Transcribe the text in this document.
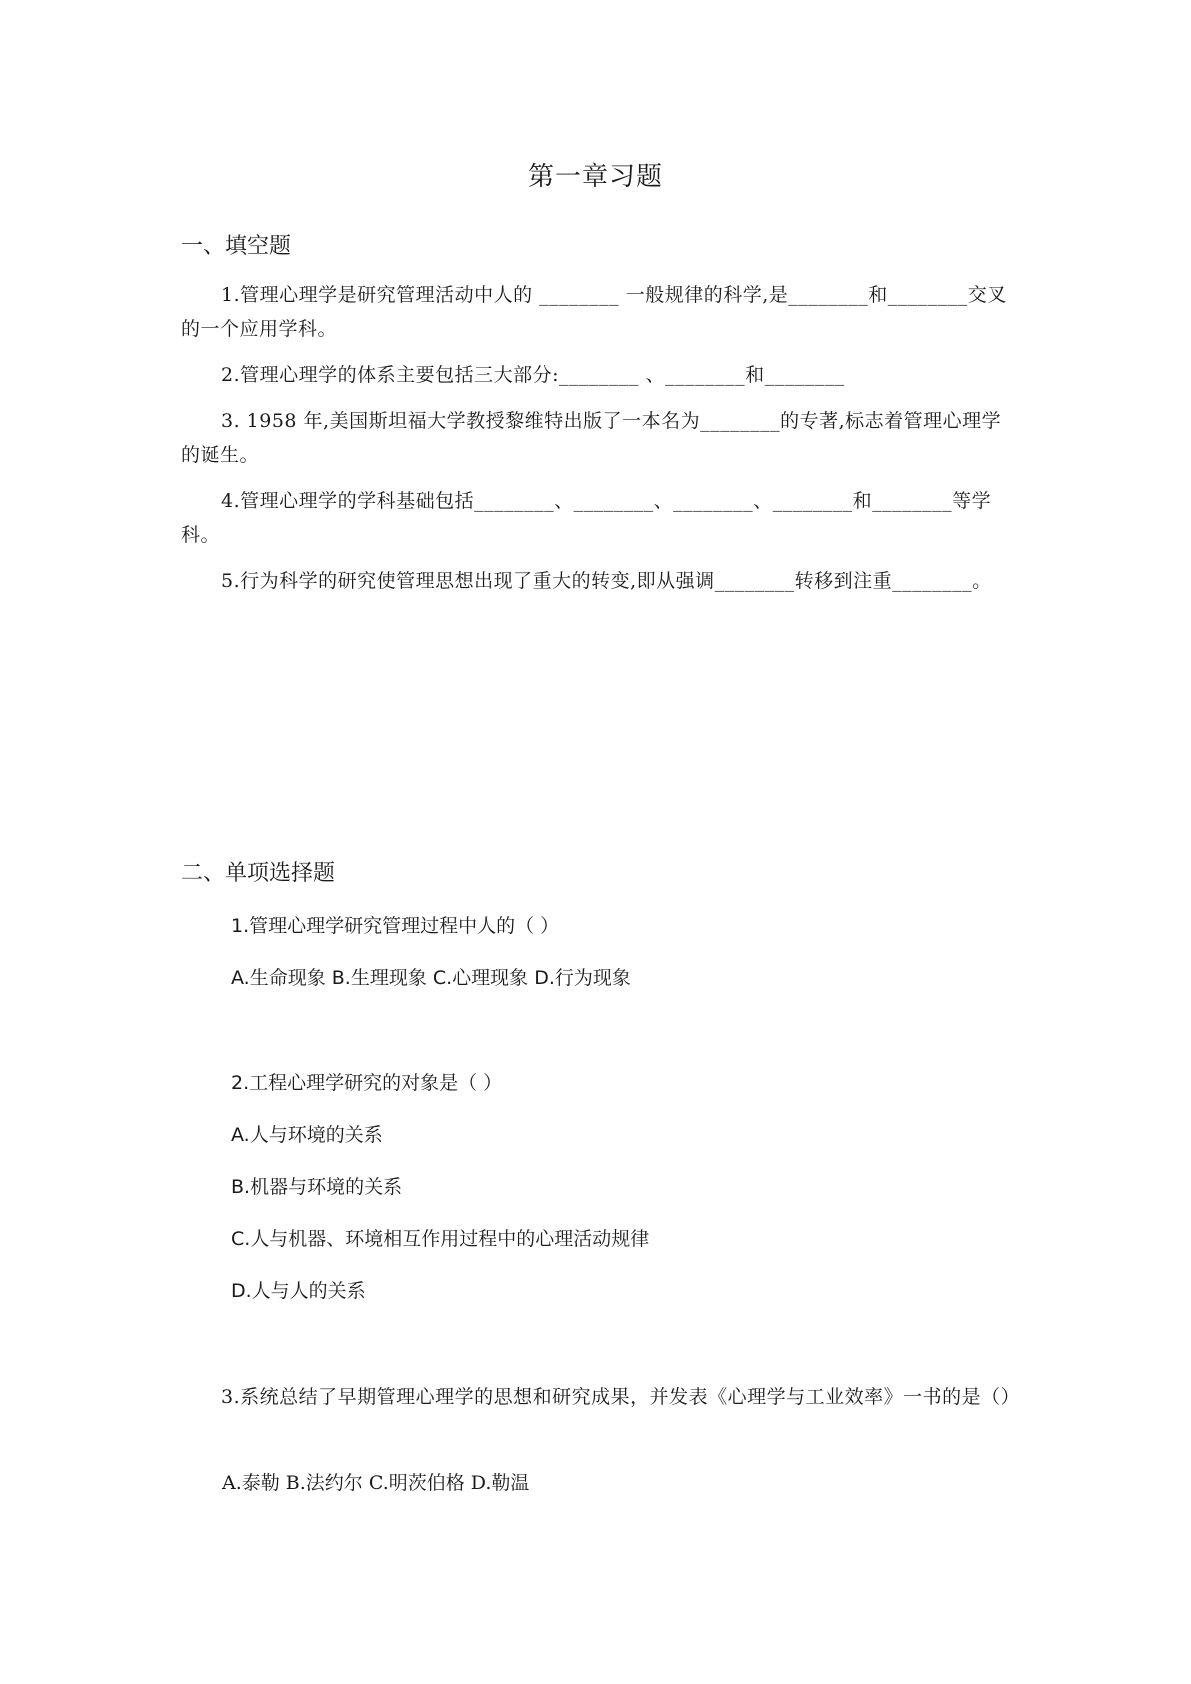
第一章习题
一、填空题

1.管理心理学是研究管理活动中人的 ________ 一般规律的科学,是________和________交叉的一个应用学科。

2.管理心理学的体系主要包括三大部分:________ 、________和________

3. 1958 年,美国斯坦福大学教授黎维特出版了一本名为________的专著,标志着管理心理学的诞生。

4.管理心理学的学科基础包括________、________、________、________和________等学科。

5.行为科学的研究使管理思想出现了重大的转变,即从强调________转移到注重________。

二、单项选择题

1.管理心理学研究管理过程中人的（ ）

A.生命现象 B.生理现象 C.心理现象 D.行为现象

2.工程心理学研究的对象是（ ）

A.人与环境的关系

B.机器与环境的关系

C.人与机器、环境相互作用过程中的心理活动规律

D.人与人的关系

3.系统总结了早期管理心理学的思想和研究成果，并发表《心理学与工业效率》一书的是（）

A.泰勒 B.法约尔 C.明茨伯格 D.勒温
